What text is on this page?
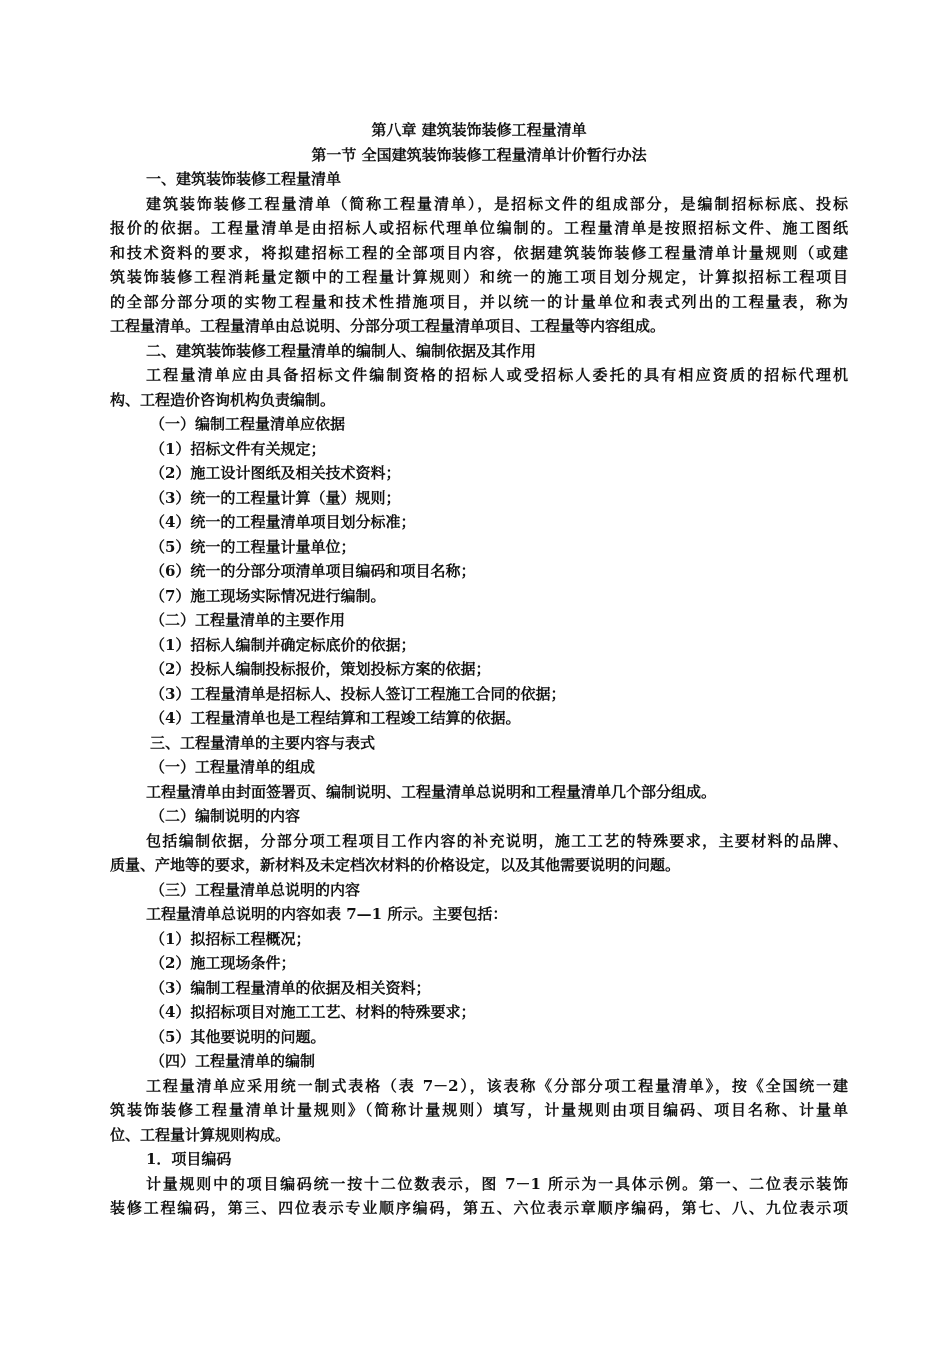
第八章 建筑装饰装修工程量清单
第一节 全国建筑装饰装修工程量清单计价暂行办法
一、建筑装饰装修工程量清单
建筑装饰装修工程量清单（简称工程量清单），是招标文件的组成部分，是编制招标标底、投标
报价的依据。工程量清单是由招标人或招标代理单位编制的。工程量清单是按照招标文件、施工图纸
和技术资料的要求，将拟建招标工程的全部项目内容，依据建筑装饰装修工程量清单计量规则（或建
筑装饰装修工程消耗量定额中的工程量计算规则）和统一的施工项目划分规定，计算拟招标工程项目
的全部分部分项的实物工程量和技术性措施项目，并以统一的计量单位和表式列出的工程量表，称为
工程量清单。工程量清单由总说明、分部分项工程量清单项目、工程量等内容组成。
二、建筑装饰装修工程量清单的编制人、编制依据及其作用
工程量清单应由具备招标文件编制资格的招标人或受招标人委托的具有相应资质的招标代理机
构、工程造价咨询机构负责编制。
（一）编制工程量清单应依据
（1）招标文件有关规定；
（2）施工设计图纸及相关技术资料；
（3）统一的工程量计算（量）规则；
（4）统一的工程量清单项目划分标准；
（5）统一的工程量计量单位；
（6）统一的分部分项清单项目编码和项目名称；
（7）施工现场实际情况进行编制。
（二）工程量清单的主要作用
（1）招标人编制并确定标底价的依据；
（2）投标人编制投标报价，策划投标方案的依据；
（3）工程量清单是招标人、投标人签订工程施工合同的依据；
（4）工程量清单也是工程结算和工程竣工结算的依据。
三、工程量清单的主要内容与表式
（一）工程量清单的组成
工程量清单由封面签署页、编制说明、工程量清单总说明和工程量清单几个部分组成。
（二）编制说明的内容
包括编制依据，分部分项工程项目工作内容的补充说明，施工工艺的特殊要求，主要材料的品牌、
质量、产地等的要求，新材料及未定档次材料的价格设定，以及其他需要说明的问题。
（三）工程量清单总说明的内容
工程量清单总说明的内容如表 7—1 所示。主要包括：
（1）拟招标工程概况；
（2）施工现场条件；
（3）编制工程量清单的依据及相关资料；
（4）拟招标项目对施工工艺、材料的特殊要求；
（5）其他要说明的问题。
（四）工程量清单的编制
工程量清单应采用统一制式表格（表 7－2），该表称《分部分项工程量清单》，按《全国统一建
筑装饰装修工程量清单计量规则》（简称计量规则）填写，计量规则由项目编码、项目名称、计量单
位、工程量计算规则构成。
1．项目编码
计量规则中的项目编码统一按十二位数表示，图 7－1 所示为一具体示例。第一、二位表示装饰
装修工程编码，第三、四位表示专业顺序编码，第五、六位表示章顺序编码，第七、八、九位表示项
